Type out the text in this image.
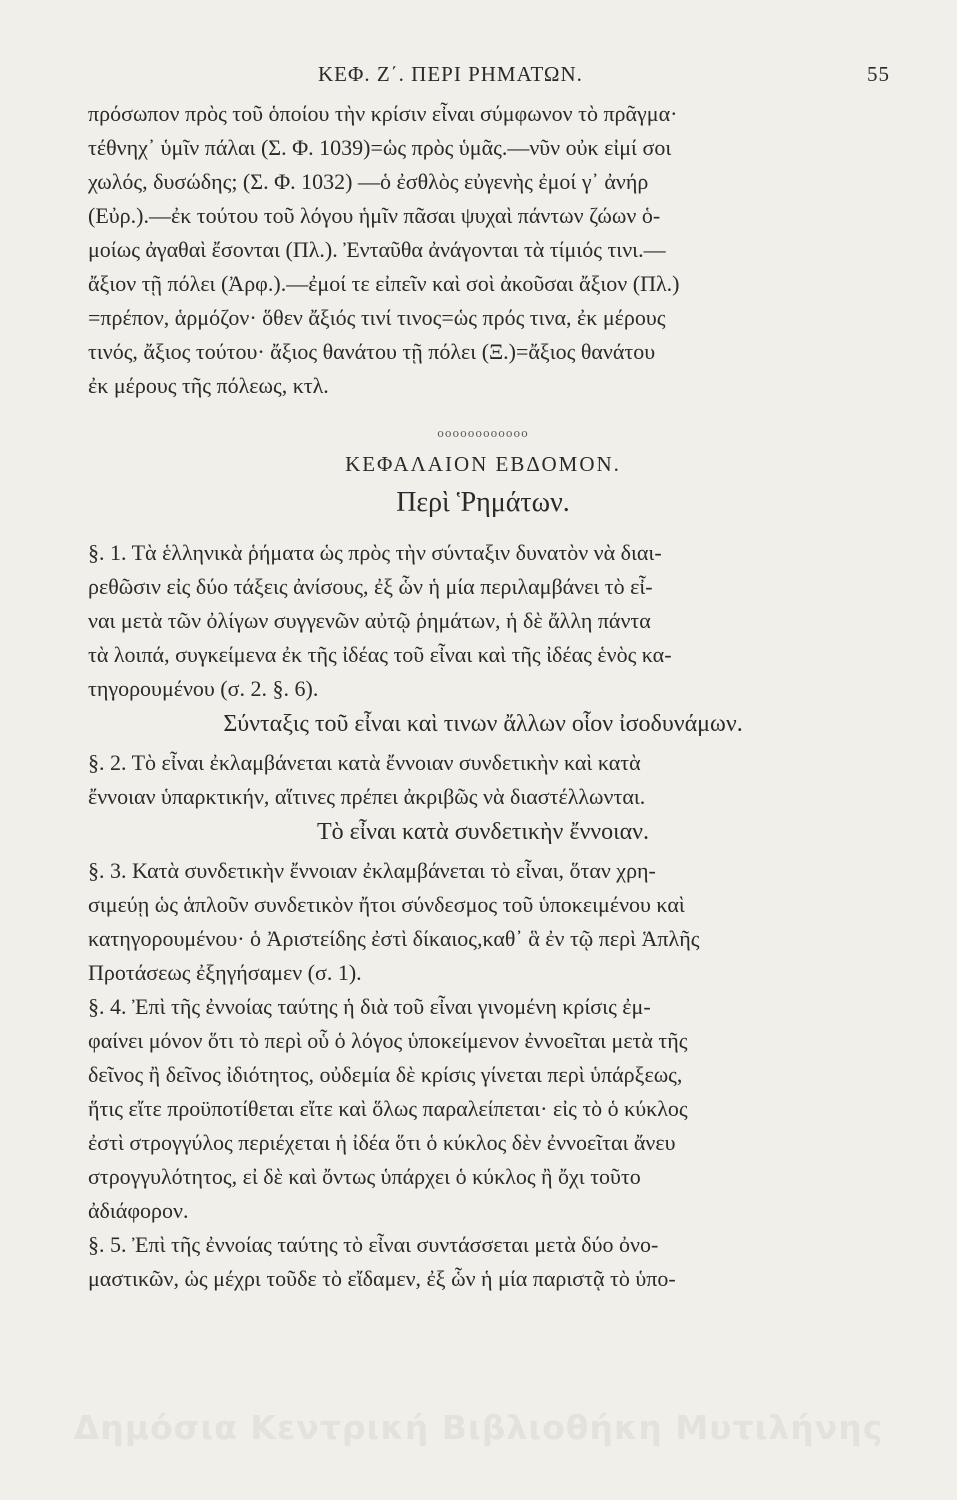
ΚΕΦ. Ζ΄. ΠΕΡΙ ΡΗΜΑΤΩΝ.	55
πρόσωπον πρὸς τοῦ ὁποίου τὴν κρίσιν εἶναι σύμφωνον τὸ πρᾶγμα·
τέθνηχ᾽ ὑμῖν πάλαι (Σ. Φ. 1039)=ὡς πρὸς ὑμᾶς.—νῦν οὐκ εἰμί σοι
χωλός, δυσώδης; (Σ. Φ. 1032) —ὁ ἐσθλὸς εὐγενὴς ἐμοί γ᾽ ἀνήρ
(Εὐρ.).—ἐκ τούτου τοῦ λόγου ἡμῖν πᾶσαι ψυχαὶ πάντων ζώων ὁ-
μοίως ἀγαθαὶ ἔσονται (Πλ.). Ἐνταῦθα ἀνάγονται τὰ τίμιός τινι.—
ἄξιον τῇ πόλει (Ἀρφ.).—ἐμοί τε εἰπεῖν καὶ σοὶ ἀκοῦσαι ἄξιον (Πλ.)
=πρέπον, ἁρμόζον· ὅθεν ἄξιός τινί τινος=ὡς πρός τινα, ἐκ μέρους
τινός, ἄξιος τούτου· ἄξιος θανάτου τῇ πόλει (Ξ.)=ἄξιος θανάτου
ἐκ μέρους τῆς πόλεως, κτλ.
οοοοοοοοοοοο
ΚΕΦΑΛΑΙΟΝ ΕΒΔΟΜΟΝ.
Περὶ Ῥημάτων.
§. 1. Τὰ ἑλληνικὰ ῥήματα ὡς πρὸς τὴν σύνταξιν δυνατὸν νὰ διαι-
ρεθῶσιν εἰς δύο τάξεις ἀνίσους, ἐξ ὧν ἡ μία περιλαμβάνει τὸ εἶ-
ναι μετὰ τῶν ὀλίγων συγγενῶν αὐτῷ ῥημάτων, ἡ δὲ ἄλλη πάντα
τὰ λοιπά, συγκείμενα ἐκ τῆς ἰδέας τοῦ εἶναι καὶ τῆς ἰδέας ἑνὸς κα-
τηγορουμένου (σ. 2. §. 6).
Σύνταξις τοῦ εἶναι καὶ τινων ἄλλων οἷον ἰσοδυνάμων.
§. 2. Τὸ εἶναι ἐκλαμβάνεται κατὰ ἔννοιαν συνδετικὴν καὶ κατὰ
ἔννοιαν ὑπαρκτικήν, αἵτινες πρέπει ἀκριβῶς νὰ διαστέλλωνται.
Τὸ εἶναι κατὰ συνδετικὴν ἔννοιαν.
§. 3. Κατὰ συνδετικὴν ἔννοιαν ἐκλαμβάνεται τὸ εἶναι, ὅταν χρη-
σιμεύῃ ὡς ἁπλοῦν συνδετικὸν ἤτοι σύνδεσμος τοῦ ὑποκειμένου καὶ
κατηγορουμένου· ὁ Ἀριστείδης ἐστὶ δίκαιος,καθ᾽ ἃ ἐν τῷ περὶ Ἁπλῆς
Προτάσεως ἐξηγήσαμεν (σ. 1).
§. 4. Ἐπὶ τῆς ἐννοίας ταύτης ἡ διὰ τοῦ εἶναι γινομένη κρίσις ἐμ-
φαίνει μόνον ὅτι τὸ περὶ οὗ ὁ λόγος ὑποκείμενον ἐννοεῖται μετὰ τῆς
δεῖνος ἢ δεῖνος ἰδιότητος, οὐδεμία δὲ κρίσις γίνεται περὶ ὑπάρξεως,
ἥτις εἴτε προϋποτίθεται εἴτε καὶ ὅλως παραλείπεται· εἰς τὸ ὁ κύκλος
ἐστὶ στρογγύλος περιέχεται ἡ ἰδέα ὅτι ὁ κύκλος δὲν ἐννοεῖται ἄνευ
στρογγυλότητος, εἰ δὲ καὶ ὄντως ὑπάρχει ὁ κύκλος ἢ ὄχι τοῦτο
ἀδιάφορον.
§. 5. Ἐπὶ τῆς ἐννοίας ταύτης τὸ εἶναι συντάσσεται μετὰ δύο ὀνο-
μαστικῶν, ὡς μέχρι τοῦδε τὸ εἴδαμεν, ἐξ ὧν ἡ μία παριστᾷ τὸ ὑπο-
Δημόσια Κεντρική Βιβλιοθήκη Μυτιλήνης
